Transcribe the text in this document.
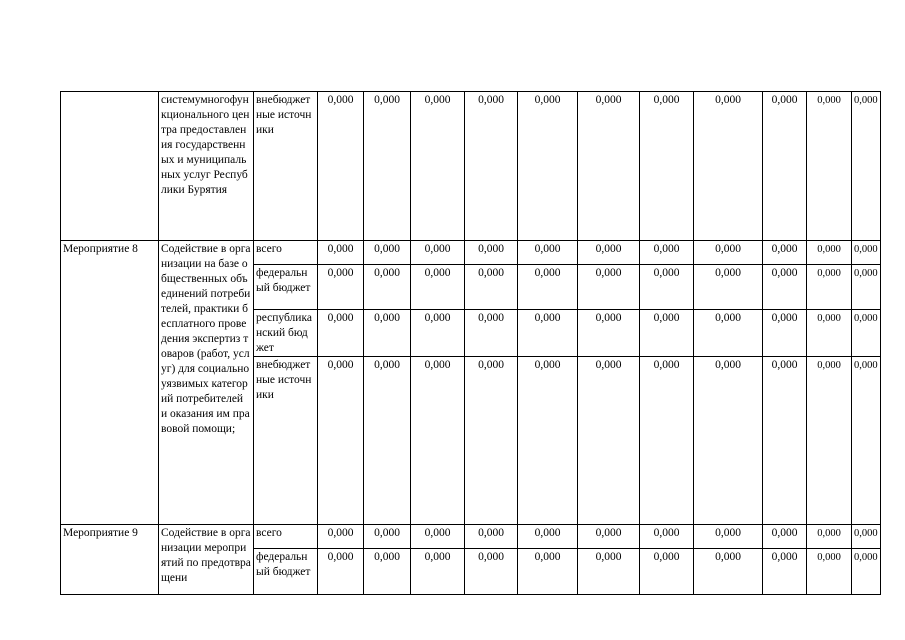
	системумногофункционального центра предоставления государственных и муниципальных услуг Республики Бурятия	внебюджетные источники	0,000	0,000	0,000	0,000	0,000	0,000	0,000	0,000	0,000	0,000	0,000
Мероприятие 8	Содействие в организации на базе общественных объединений потребителей, практики бесплатного проведения экспертиз товаров (работ, услуг) для социально уязвимых категорий потребителей и оказания им правовой помощи;	всего	0,000	0,000	0,000	0,000	0,000	0,000	0,000	0,000	0,000	0,000	0,000
		федеральный бюджет	0,000	0,000	0,000	0,000	0,000	0,000	0,000	0,000	0,000	0,000	0,000
		республиканский бюджет	0,000	0,000	0,000	0,000	0,000	0,000	0,000	0,000	0,000	0,000	0,000
		внебюджетные источники	0,000	0,000	0,000	0,000	0,000	0,000	0,000	0,000	0,000	0,000	0,000
Мероприятие 9	Содействие в организации мероприятий по предотвращени	всего	0,000	0,000	0,000	0,000	0,000	0,000	0,000	0,000	0,000	0,000	0,000
		федеральный бюджет	0,000	0,000	0,000	0,000	0,000	0,000	0,000	0,000	0,000	0,000	0,000
